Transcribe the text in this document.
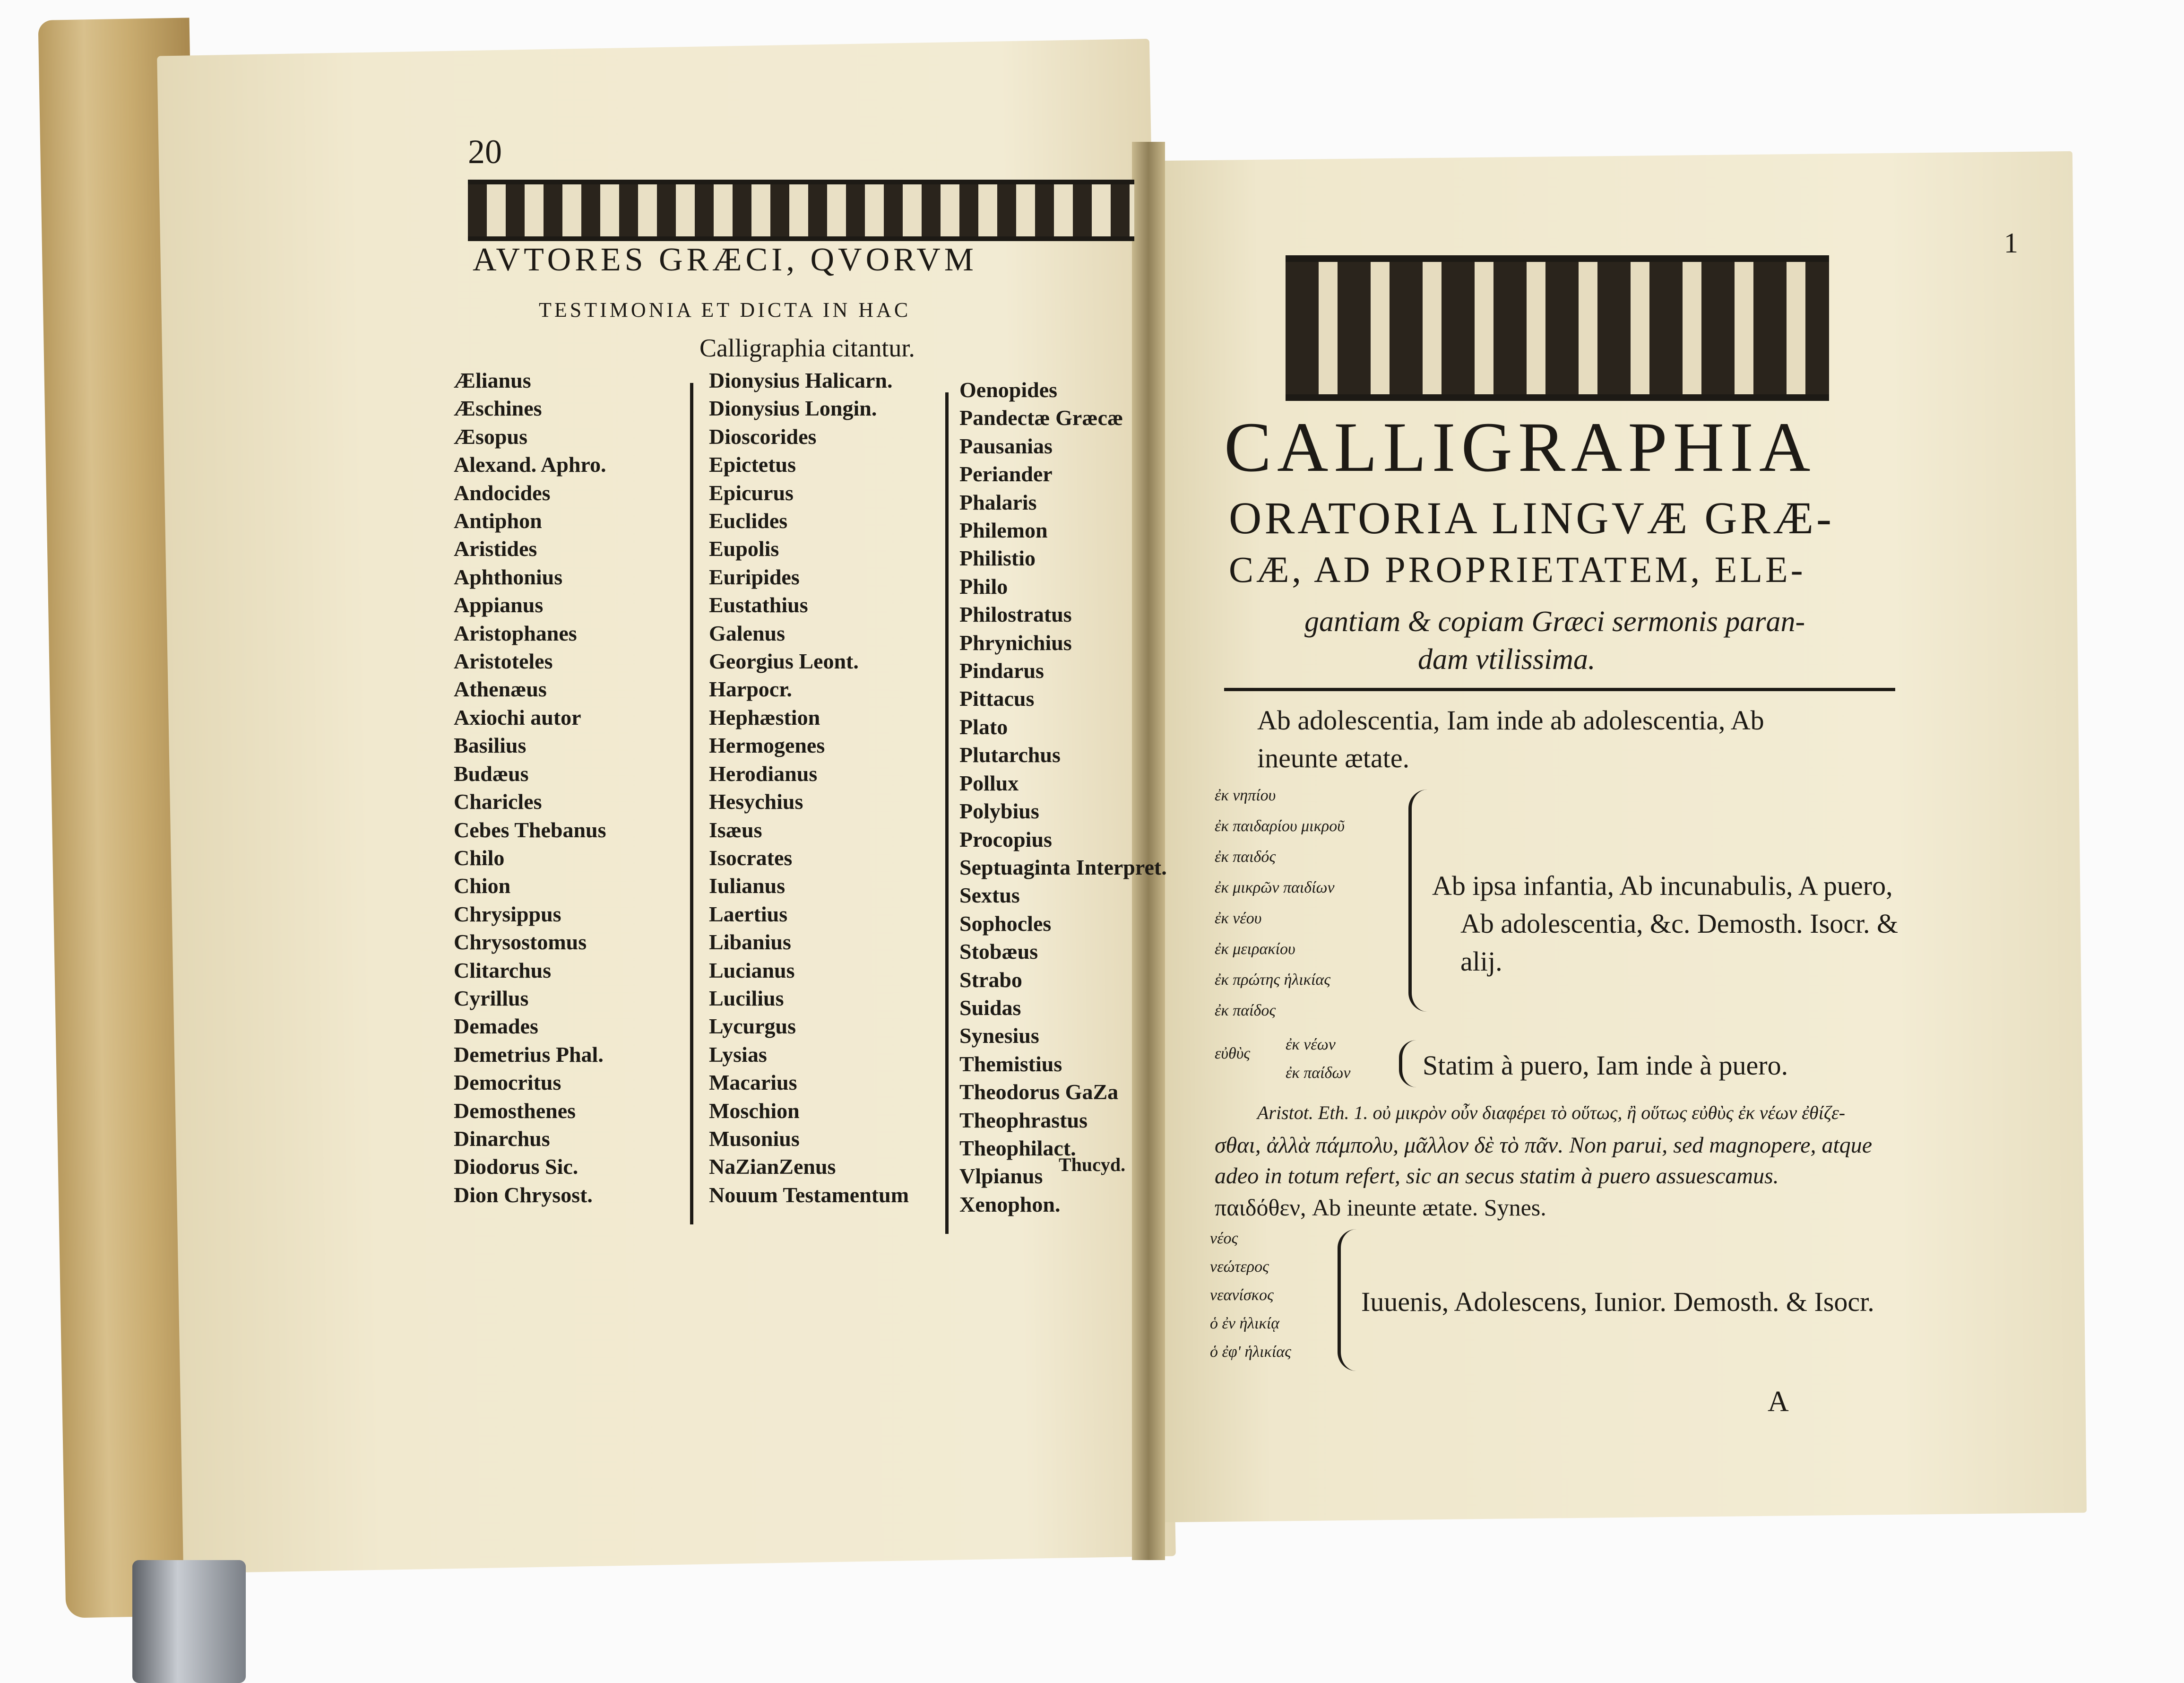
20
AVTORES GRÆCI, QVORVM
TESTIMONIA ET DICTA IN HAC
Calligraphia citantur.
Ælianus
Æschines
Æsopus
Alexand. Aphro.
Andocides
Antiphon
Aristides
Aphthonius
Appianus
Aristophanes
Aristoteles
Athenæus
Axiochi autor
Basilius
Budæus
Charicles
Cebes Thebanus
Chilo
Chion
Chrysippus
Chrysostomus
Clitarchus
Cyrillus
Demades
Demetrius Phal.
Democritus
Demosthenes
Dinarchus
Diodorus Sic.
Dion Chrysost.
Dionysius Halicarn.
Dionysius Longin.
Dioscorides
Epictetus
Epicurus
Euclides
Eupolis
Euripides
Eustathius
Galenus
Georgius Leont.
Harpocr.
Hephæstion
Hermogenes
Herodianus
Hesychius
Isæus
Isocrates
Iulianus
Laertius
Libanius
Lucianus
Lucilius
Lycurgus
Lysias
Macarius
Moschion
Musonius
NaZianZenus
Nouum Testamentum
Oenopides
Pandectæ Græcæ
Pausanias
Periander
Phalaris
Philemon
Philistio
Philo
Philostratus
Phrynichius
Pindarus
Pittacus
Plato
Plutarchus
Pollux
Polybius
Procopius
Septuaginta Interpret.
Sextus
Sophocles
Stobæus
Strabo
Suidas
Synesius
Themistius
Theodorus GaZa
Theophrastus
Theophilact.
Vlpianus
Xenophon.
Thucyd.
1
CALLIGRAPHIA
ORATORIA LINGVÆ GRÆ-
CÆ, AD PROPRIETATEM, ELE-
gantiam & copiam Græci sermonis paran-
dam vtilissima.
Ab adolescentia, Iam inde ab adolescentia, Ab
ineunte ætate.
ἐκ νηπίου
ἐκ παιδαρίου μικροῦ
ἐκ παιδός
ἐκ μικρῶν παιδίων
ἐκ νέου
ἐκ μειρακίου
ἐκ πρώτης ἡλικίας
ἐκ παίδος
Ab ipsa infantia, Ab incunabulis, A puero,
Ab adolescentia, &c. Demosth. Isocr. &
alij.
εὐθὺς
ἐκ νέων
ἐκ παίδων	Statim à puero, Iam inde à puero.
Aristot. Eth. 1. οὐ μικρὸν οὖν διαφέρει τὸ οὕτως, ἢ οὕτως εὐθὺς ἐκ νέων ἐθίζε-
σθαι, ἀλλὰ πάμπολυ, μᾶλλον δὲ τὸ πᾶν. Non parui, sed magnopere, atque
adeo in totum refert, sic an secus statim à puero assuescamus.
παιδόθεν, Ab ineunte ætate. Synes.
νέος
νεώτερος
νεανίσκος
ὁ ἐν ἡλικίᾳ
ὁ ἐφ' ἡλικίας
Iuuenis, Adolescens, Iunior. Demosth. & Isocr.
A
